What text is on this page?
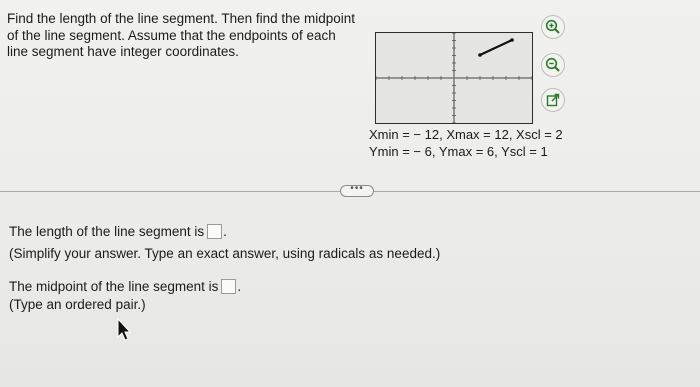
Find the length of the line segment. Then find the midpoint
of the line segment. Assume that the endpoints of each
line segment have integer coordinates.
Xmin = − 12, Xmax = 12, Xscl = 2
Ymin = − 6, Ymax = 6, Yscl = 1
•••
The length of the line segment is .
(Simplify your answer. Type an exact answer, using radicals as needed.)
The midpoint of the line segment is .
(Type an ordered pair.)
